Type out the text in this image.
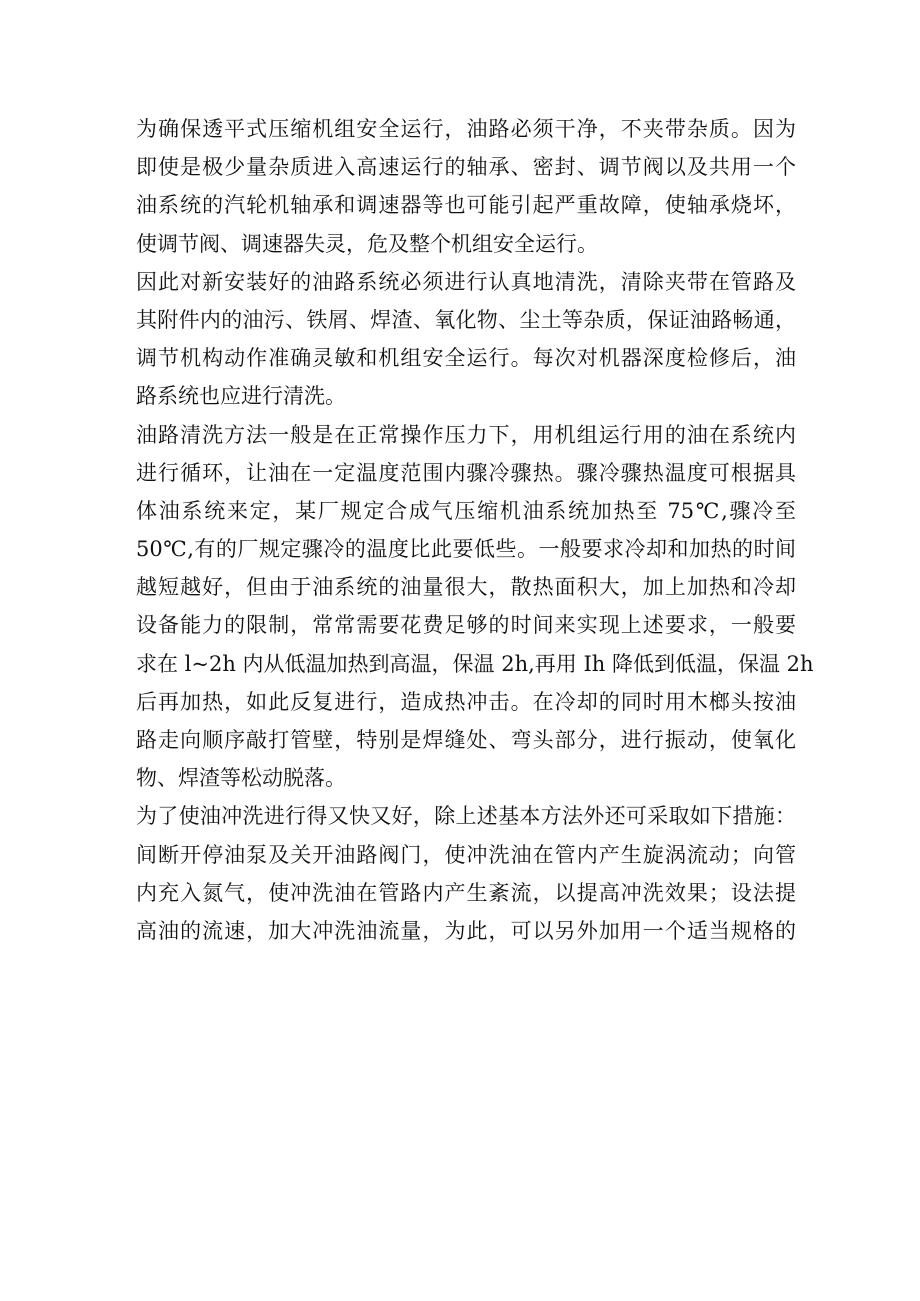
为确保透平式压缩机组安全运行，油路必须干净，不夹带杂质。因为
即使是极少量杂质进入高速运行的轴承、密封、调节阀以及共用一个
油系统的汽轮机轴承和调速器等也可能引起严重故障，使轴承烧坏，
使调节阀、调速器失灵，危及整个机组安全运行。

因此对新安装好的油路系统必须进行认真地清洗，清除夹带在管路及
其附件内的油污、铁屑、焊渣、氧化物、尘土等杂质，保证油路畅通，
调节机构动作准确灵敏和机组安全运行。每次对机器深度检修后，油
路系统也应进行清洗。

油路清洗方法一般是在正常操作压力下，用机组运行用的油在系统内
进行循环，让油在一定温度范围内骤冷骤热。骤冷骤热温度可根据具
体油系统来定，某厂规定合成气压缩机油系统加热至 75℃,骤冷至
50℃,有的厂规定骤冷的温度比此要低些。一般要求冷却和加热的时间
越短越好，但由于油系统的油量很大，散热面积大，加上加热和冷却
设备能力的限制，常常需要花费足够的时间来实现上述要求，一般要
求在 l~2h 内从低温加热到高温，保温 2h,再用 Ih 降低到低温，保温 2h
后再加热，如此反复进行，造成热冲击。在冷却的同时用木榔头按油
路走向顺序敲打管壁，特别是焊缝处、弯头部分，进行振动，使氧化
物、焊渣等松动脱落。

为了使油冲洗进行得又快又好，除上述基本方法外还可采取如下措施：
间断开停油泵及关开油路阀门，使冲洗油在管内产生旋涡流动；向管
内充入氮气，使冲洗油在管路内产生紊流，以提高冲洗效果；设法提
高油的流速，加大冲洗油流量，为此，可以另外加用一个适当规格的
